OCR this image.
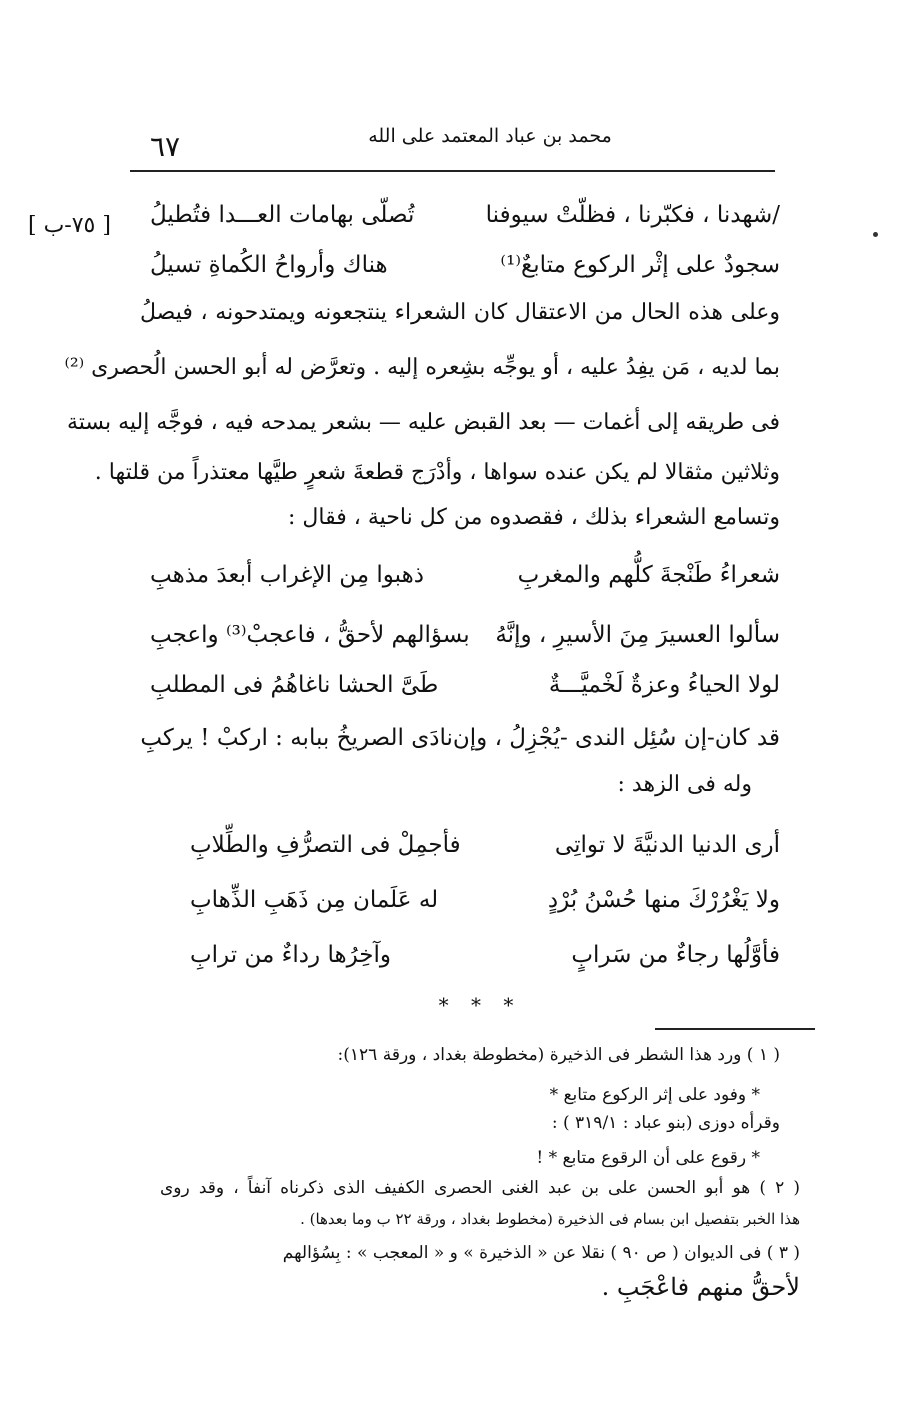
٦٧	محمد بن عباد المعتمد على الله
[ ٧٥-ب ]	/شهدنا ، فكبّرنا ، فظلّتْ سيوفنا
تُصلّى بهامات العـــدا فتُطيلُ
سجودٌ على إثْر الركوع متابعٌ⁽¹⁾
هناك وأرواحُ الكُماةِ تسيلُ
وعلى هذه الحال من الاعتقال كان الشعراء ينتجعونه ويمتدحونه ، فيصلُ
بما لديه ، مَن يفِدُ عليه ، أو يوجِّه بشِعره إليه . وتعرَّض له أبو الحسن الُحصرى ⁽²⁾
فى طريقه إلى أغمات — بعد القبض عليه — بشعر يمدحه فيه ، فوجَّه إليه بستة
وثلاثين مثقالا لم يكن عنده سواها ، وأدْرَج قطعةَ شعرٍ طيَّها معتذراً من قلتها .
وتسامع الشعراء بذلك ، فقصدوه من كل ناحية ، فقال :
شعراءُ طَنْجةَ كلُّهم والمغربِ
ذهبوا مِن الإغراب أبعدَ مذهبِ
سألوا العسيرَ مِنَ الأسيرِ ، وإنَّهُ
بسؤالهم لأحقُّ ، فاعجبْ⁽³⁾ واعجبِ
لولا الحياءُ وعزةٌ لَخْميَّـــةٌ
طَىَّ الحشا ناغاهُمُ فى المطلبِ
قد كان-إن سُئِل الندى -يُجْزِلُ ، وإن
نادَى الصريخُ ببابه : اركبْ ! يركبِ
وله فى الزهد :
أرى الدنيا الدنيَّةَ لا تواتِى
فأجمِلْ فى التصرُّفِ والطِّلابِ
ولا يَغْرُرْكَ منها حُسْنُ بُرْدٍ
له عَلَمان مِن ذَهَبِ الذِّهابِ
فأوَّلُها رجاءٌ من سَرابٍ
وآخِرُها رداءٌ من ترابِ
* * *
( ١ ) ورد هذا الشطر فى الذخيرة (مخطوطة بغداد ، ورقة ١٢٦):
* وفود على إثر الركوع متابع *
وقرأه دوزى (بنو عباد : ٣١٩/١ ) :
* رقوع على أن الرقوع متابع * !
( ٢ ) هو أبو الحسن على بن عبد الغنى الحصرى الكفيف الذى ذكرناه آنفاً ، وقد روى
هذا الخبر بتفصيل ابن بسام فى الذخيرة (مخطوط بغداد ، ورقة ٢٢ ب وما بعدها) .
( ٣ ) فى الديوان ( ص ٩٠ ) نقلا عن « الذخيرة » و « المعجب » : بِسُؤالهم
لأحقُّ منهم فاعْجَبِ .
